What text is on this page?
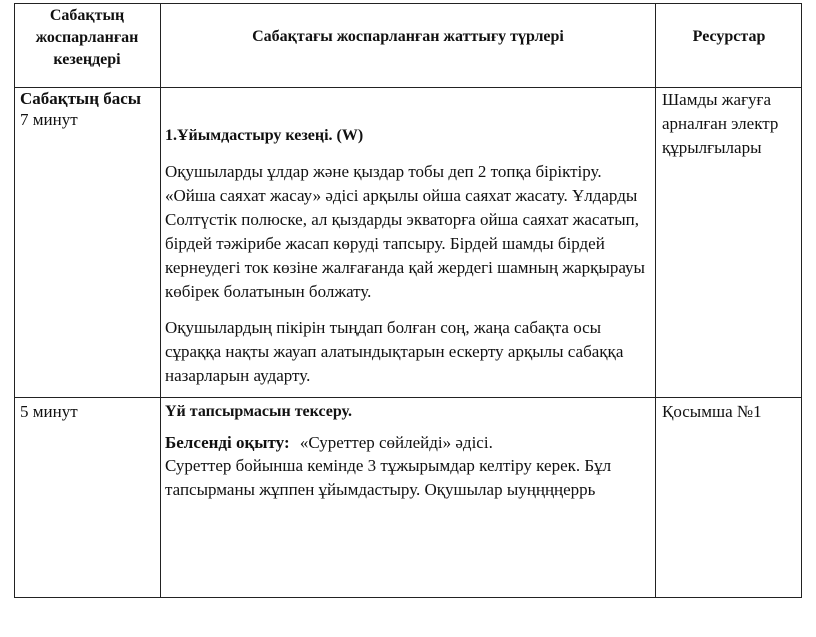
Сабақтың жоспарланған кезеңдері
Сабақтағы жоспарланған жаттығу түрлері	Ресурстар
Сабақтың басы
7 минут

1.Ұйымдастыру кезеңі. (W)

Оқушыларды ұлдар және қыздар тобы деп 2 топқа біріктіру. «Ойша саяхат жасау» әдісі арқылы ойша саяхат жасату. Ұлдарды Солтүстік полюске, ал қыздарды экваторға ойша саяхат жасатып, бірдей тәжірибе жасап көруді тапсыру. Бірдей шамды бірдей кернеудегі ток көзіне жалғағанда қай жердегі шамның жарқырауы көбірек болатынын болжату.

Оқушылардың пікірін тыңдап болған соң, жаңа сабақта осы сұраққа нақты жауап алатындықтарын ескерту арқылы сабаққа назарларын аударту.

Шамды жағуға арналған электр құрылғылары
5 минут	Үй тапсырмасын тексеру.

Белсенді оқыту: «Суреттер сөйлейді» әдісі.

Суреттер бойынша кемінде 3 тұжырымдар келтіру керек. Бұл тапсырманы жұппен ұйымдастыру. Оқушылар ыуңңңңеррь

Қосымша №1
